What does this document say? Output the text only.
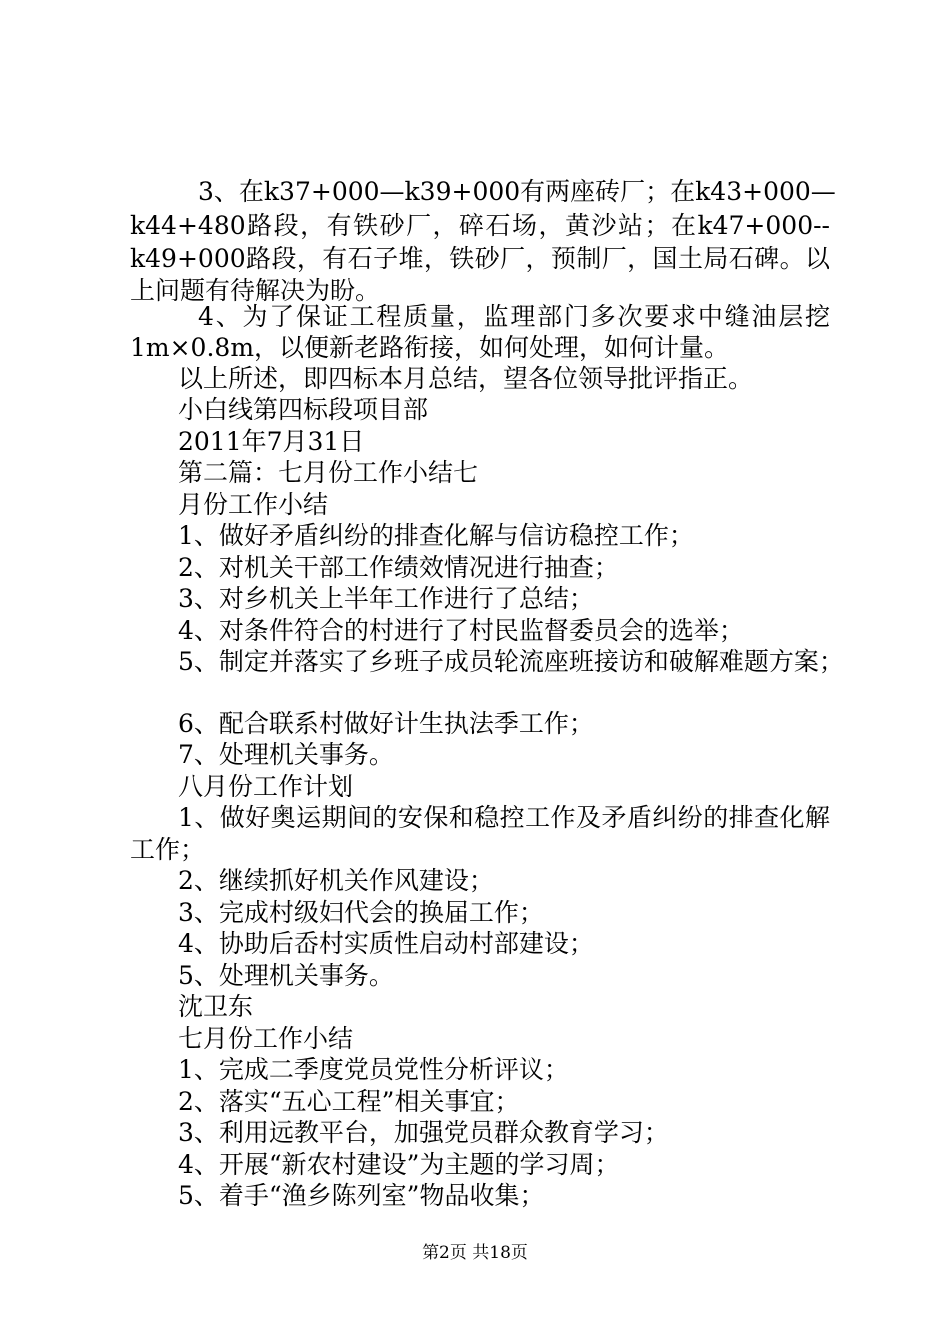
3、在k37+000—k39+000有两座砖厂；在k43+000—
k44+480路段，有铁砂厂，碎石场，黄沙站；在k47+000--
k49+000路段，有石子堆，铁砂厂，预制厂，国土局石碑。以
上问题有待解决为盼。
4、为了保证工程质量，监理部门多次要求中缝油层挖
1m×0.8m，以便新老路衔接，如何处理，如何计量。
以上所述，即四标本月总结，望各位领导批评指正。
小白线第四标段项目部
2011年7月31日
第二篇：七月份工作小结七
月份工作小结
1、做好矛盾纠纷的排查化解与信访稳控工作；
2、对机关干部工作绩效情况进行抽查；
3、对乡机关上半年工作进行了总结；
4、对条件符合的村进行了村民监督委员会的选举；
5、制定并落实了乡班子成员轮流座班接访和破解难题方案；
6、配合联系村做好计生执法季工作；
7、处理机关事务。
八月份工作计划
1、做好奥运期间的安保和稳控工作及矛盾纠纷的排查化解
工作；
2、继续抓好机关作风建设；
3、完成村级妇代会的换届工作；
4、协助后岙村实质性启动村部建设；
5、处理机关事务。
沈卫东
七月份工作小结
1、完成二季度党员党性分析评议；
2、落实“五心工程”相关事宜；
3、利用远教平台，加强党员群众教育学习；
4、开展“新农村建设”为主题的学习周；
5、着手“渔乡陈列室”物品收集；
第2页 共18页
